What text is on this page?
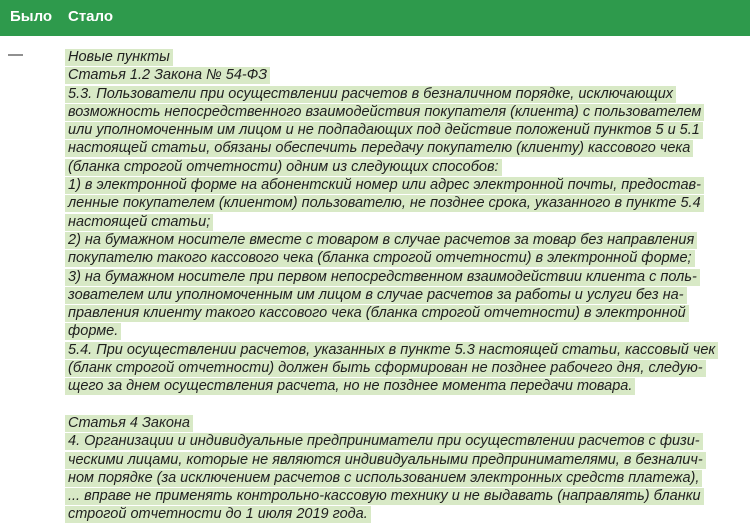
Было Стало
—	Новые пункты
Статья 1.2 Закона № 54-ФЗ
5.3. Пользователи при осуществлении расчетов в безналичном порядке, исключающих
возможность непосредственного взаимодействия покупателя (клиента) с пользователем
или уполномоченным им лицом и не подпадающих под действие положений пунктов 5 и 5.1
настоящей статьи, обязаны обеспечить передачу покупателю (клиенту) кассового чека
(бланка строгой отчетности) одним из следующих способов:
1) в электронной форме на абонентский номер или адрес электронной почты, предостав-
ленные покупателем (клиентом) пользователю, не позднее срока, указанного в пункте 5.4
настоящей статьи;
2) на бумажном носителе вместе с товаром в случае расчетов за товар без направления
покупателю такого кассового чека (бланка строгой отчетности) в электронной форме;
3) на бумажном носителе при первом непосредственном взаимодействии клиента с поль-
зователем или уполномоченным им лицом в случае расчетов за работы и услуги без на-
правления клиенту такого кассового чека (бланка строгой отчетности) в электронной
форме.
5.4. При осуществлении расчетов, указанных в пункте 5.3 настоящей статьи, кассовый чек
(бланк строгой отчетности) должен быть сформирован не позднее рабочего дня, следую-
щего за днем осуществления расчета, но не позднее момента передачи товара.
Статья 4 Закона
4. Организации и индивидуальные предприниматели при осуществлении расчетов с физи-
ческими лицами, которые не являются индивидуальными предпринимателями, в безналич-
ном порядке (за исключением расчетов с использованием электронных средств платежа),
... вправе не применять контрольно-кассовую технику и не выдавать (направлять) бланки
строгой отчетности до 1 июля 2019 года.
